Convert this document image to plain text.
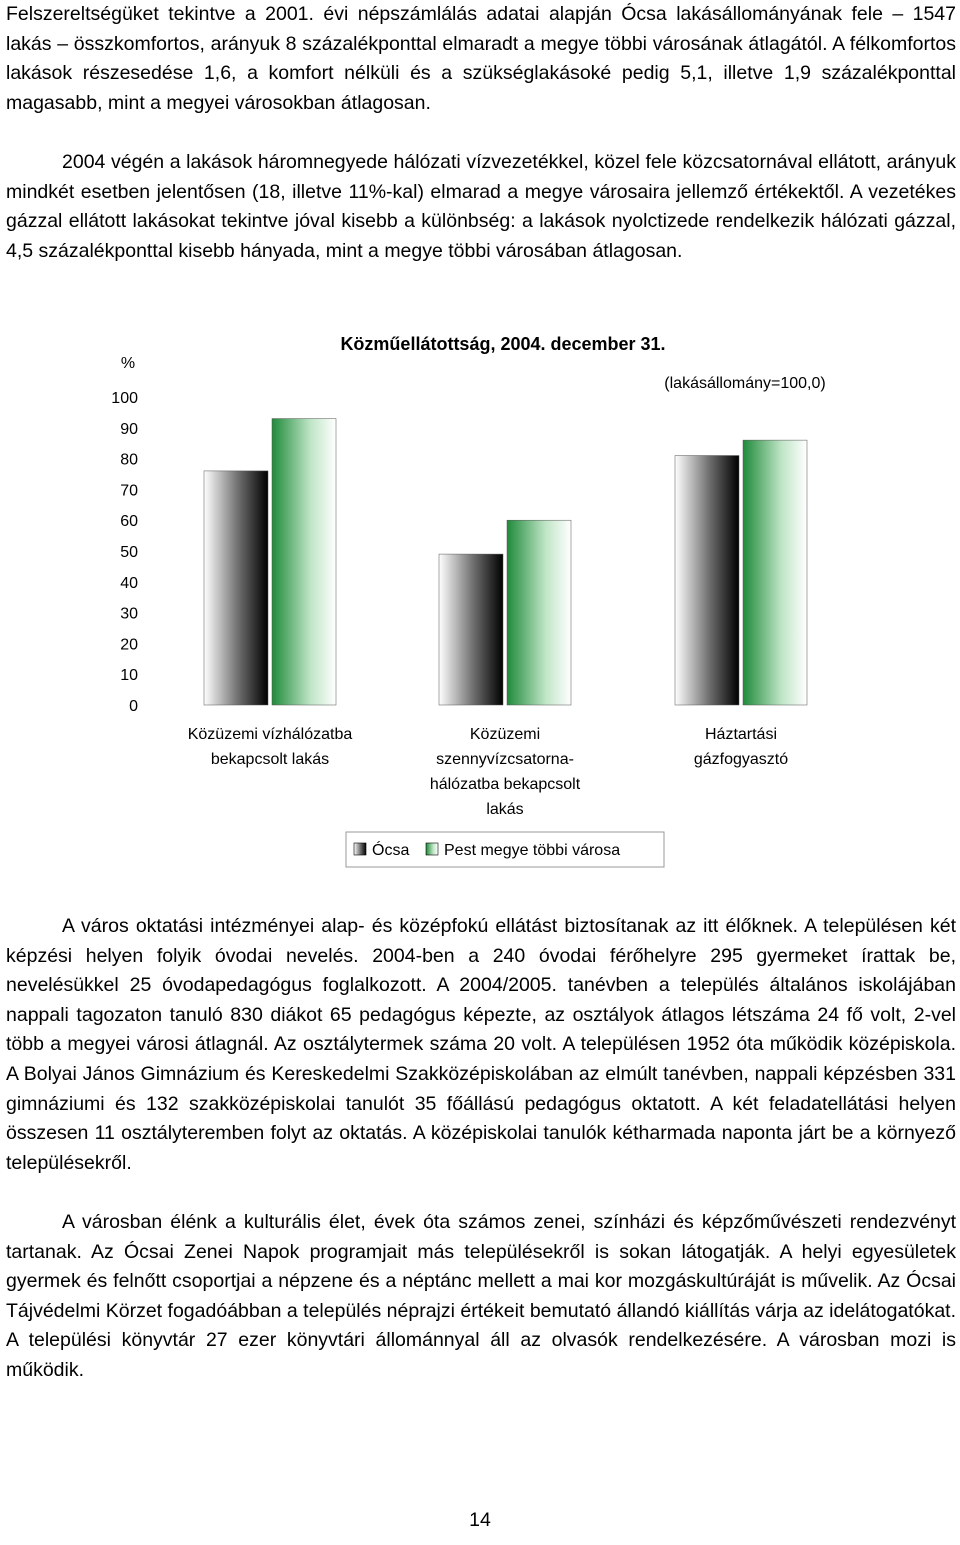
Felszereltségüket tekintve a 2001. évi népszámlálás adatai alapján Ócsa lakásállományának fele – 1547 lakás – összkomfortos, arányuk 8 százalékponttal elmaradt a megye többi városának átlagától. A félkomfortos lakások részesedése 1,6, a komfort nélküli és a szükséglakásoké pedig 5,1, illetve 1,9 százalékponttal magasabb, mint a megyei városokban átlagosan.

2004 végén a lakások háromnegyede hálózati vízvezetékkel, közel fele közcsatornával ellátott, arányuk mindkét esetben jelentősen (18, illetve 11%-kal) elmarad a megye városaira jellemző értékektől. A vezetékes gázzal ellátott lakásokat tekintve jóval kisebb a különbség: a lakások nyolctizede rendelkezik hálózati gázzal, 4,5 százalékponttal kisebb hányada, mint a megye többi városában átlagosan.

Közműellátottság, 2004. december 31.
(lakásállomány=100,0)
%
0
10
20
30
40
50
60
70
80
90
100
Közüzemi vízhálózatba
bekapcsolt lakás
Közüzemi
szennyvízcsatorna-
hálózatba bekapcsolt
lakás
Háztartási
gázfogyasztó
Ócsa Pest megye többi városa

A város oktatási intézményei alap- és középfokú ellátást biztosítanak az itt élőknek. A településen két képzési helyen folyik óvodai nevelés. 2004-ben a 240 óvodai férőhelyre 295 gyermeket írattak be, nevelésükkel 25 óvodapedagógus foglalkozott. A 2004/2005. tanévben a település általános iskolájában nappali tagozaton tanuló 830 diákot 65 pedagógus képezte, az osztályok átlagos létszáma 24 fő volt, 2-vel több a megyei városi átlagnál. Az osztálytermek száma 20 volt. A településen 1952 óta működik középiskola. A Bolyai János Gimnázium és Kereskedelmi Szakközépiskolában az elmúlt tanévben, nappali képzésben 331 gimnáziumi és 132 szakközépiskolai tanulót 35 főállású pedagógus oktatott. A két feladatellátási helyen összesen 11 osztályteremben folyt az oktatás. A középiskolai tanulók kétharmada naponta járt be a környező településekről.

A városban élénk a kulturális élet, évek óta számos zenei, színházi és képzőművészeti rendezvényt tartanak. Az Ócsai Zenei Napok programjait más településekről is sokan látogatják. A helyi egyesületek gyermek és felnőtt csoportjai a népzene és a néptánc mellett a mai kor mozgáskultúráját is művelik. Az Ócsai Tájvédelmi Körzet fogadóábban a település néprajzi értékeit bemutató állandó kiállítás várja az idelátogatókat. A települési könyvtár 27 ezer könyvtári állománnyal áll az olvasók rendelkezésére. A városban mozi is működik.

14
